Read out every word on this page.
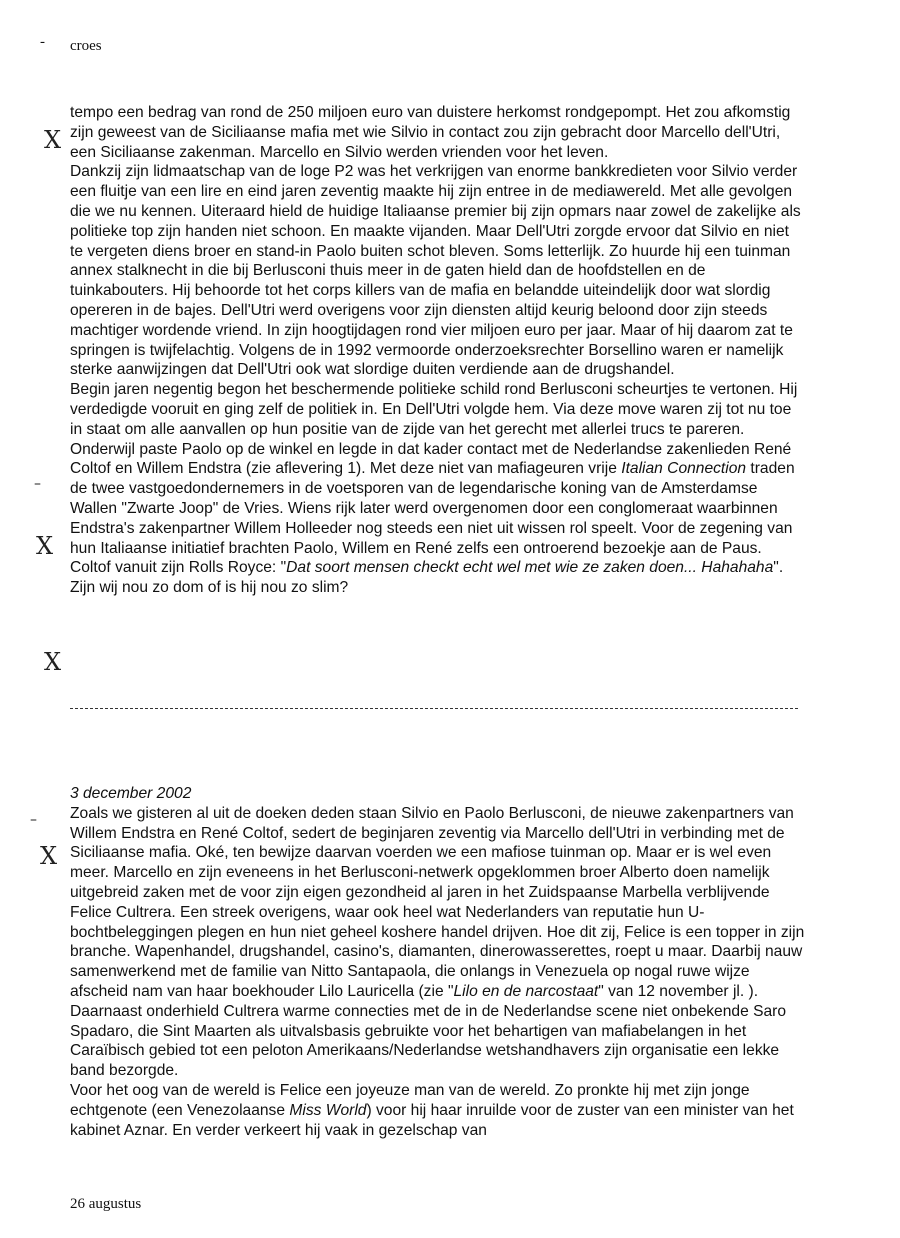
- croes
X
–
X
X
–
X

tempo een bedrag van rond de 250 miljoen euro van duistere herkomst rondgepompt. Het zou afkomstig zijn geweest van de Siciliaanse mafia met wie Silvio in contact zou zijn gebracht door Marcello dell'Utri, een Siciliaanse zakenman. Marcello en Silvio werden vrienden voor het leven.

Dankzij zijn lidmaatschap van de loge P2 was het verkrijgen van enorme bankkredieten voor Silvio verder een fluitje van een lire en eind jaren zeventig maakte hij zijn entree in de mediawereld. Met alle gevolgen die we nu kennen. Uiteraard hield de huidige Italiaanse premier bij zijn opmars naar zowel de zakelijke als politieke top zijn handen niet schoon. En maakte vijanden. Maar Dell'Utri zorgde ervoor dat Silvio en niet te vergeten diens broer en stand-in Paolo buiten schot bleven. Soms letterlijk. Zo huurde hij een tuinman annex stalknecht in die bij Berlusconi thuis meer in de gaten hield dan de hoofdstellen en de tuinkabouters. Hij behoorde tot het corps killers van de mafia en belandde uiteindelijk door wat slordig opereren in de bajes. Dell'Utri werd overigens voor zijn diensten altijd keurig beloond door zijn steeds machtiger wordende vriend. In zijn hoogtijdagen rond vier miljoen euro per jaar. Maar of hij daarom zat te springen is twijfelachtig. Volgens de in 1992 vermoorde onderzoeksrechter Borsellino waren er namelijk sterke aanwijzingen dat Dell'Utri ook wat slordige duiten verdiende aan de drugshandel.

Begin jaren negentig begon het beschermende politieke schild rond Berlusconi scheurtjes te vertonen. Hij verdedigde vooruit en ging zelf de politiek in. En Dell'Utri volgde hem. Via deze move waren zij tot nu toe in staat om alle aanvallen op hun positie van de zijde van het gerecht met allerlei trucs te pareren. Onderwijl paste Paolo op de winkel en legde in dat kader contact met de Nederlandse zakenlieden René Coltof en Willem Endstra (zie aflevering 1). Met deze niet van mafiageuren vrije Italian Connection traden de twee vastgoedondernemers in de voetsporen van de legendarische koning van de Amsterdamse Wallen "Zwarte Joop" de Vries. Wiens rijk later werd overgenomen door een conglomeraat waarbinnen Endstra's zakenpartner Willem Holleeder nog steeds een niet uit wissen rol speelt. Voor de zegening van hun Italiaanse initiatief brachten Paolo, Willem en René zelfs een ontroerend bezoekje aan de Paus. Coltof vanuit zijn Rolls Royce: "Dat soort mensen checkt echt wel met wie ze zaken doen... Hahahaha". Zijn wij nou zo dom of is hij nou zo slim?

3 december 2002

Zoals we gisteren al uit de doeken deden staan Silvio en Paolo Berlusconi, de nieuwe zakenpartners van Willem Endstra en René Coltof, sedert de beginjaren zeventig via Marcello dell'Utri in verbinding met de Siciliaanse mafia. Oké, ten bewijze daarvan voerden we een mafiose tuinman op. Maar er is wel even meer. Marcello en zijn eveneens in het Berlusconi-netwerk opgeklommen broer Alberto doen namelijk uitgebreid zaken met de voor zijn eigen gezondheid al jaren in het Zuidspaanse Marbella verblijvende Felice Cultrera. Een streek overigens, waar ook heel wat Nederlanders van reputatie hun U-bochtbeleggingen plegen en hun niet geheel koshere handel drijven. Hoe dit zij, Felice is een topper in zijn branche. Wapenhandel, drugshandel, casino's, diamanten, dinerowasserettes, roept u maar. Daarbij nauw samenwerkend met de familie van Nitto Santapaola, die onlangs in Venezuela op nogal ruwe wijze afscheid nam van haar boekhouder Lilo Lauricella (zie "Lilo en de narcostaat" van 12 november jl. ). Daarnaast onderhield Cultrera warme connecties met de in de Nederlandse scene niet onbekende Saro Spadaro, die Sint Maarten als uitvalsbasis gebruikte voor het behartigen van mafiabelangen in het Caraïbisch gebied tot een peloton Amerikaans/Nederlandse wetshandhavers zijn organisatie een lekke band bezorgde.

Voor het oog van de wereld is Felice een joyeuze man van de wereld. Zo pronkte hij met zijn jonge echtgenote (een Venezolaanse Miss World) voor hij haar inruilde voor de zuster van een minister van het kabinet Aznar. En verder verkeert hij vaak in gezelschap van

26 augustus
